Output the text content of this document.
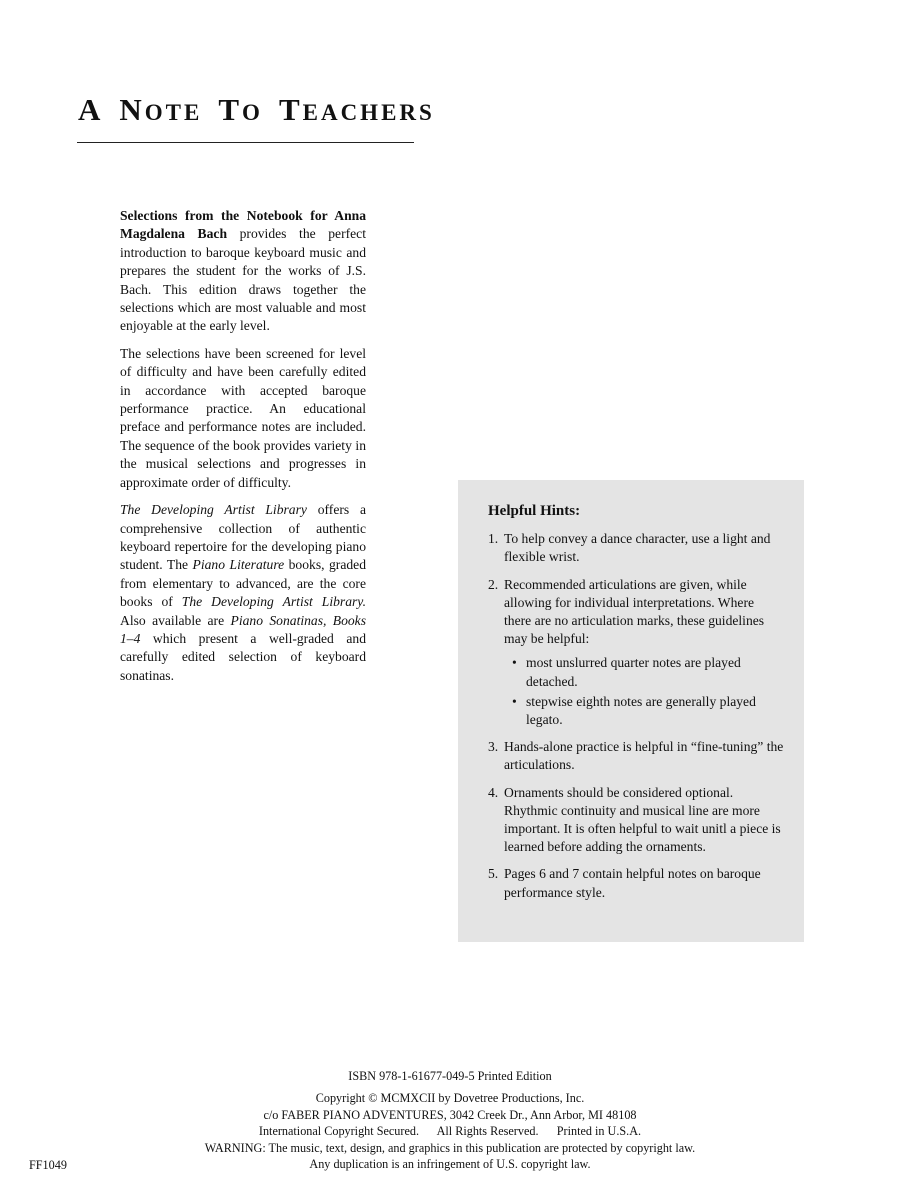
A NOTE TO TEACHERS

Selections from the Notebook for Anna Magdalena Bach provides the perfect introduction to baroque keyboard music and prepares the student for the works of J.S. Bach. This edition draws together the selections which are most valuable and most enjoyable at the early level.

The selections have been screened for level of difficulty and have been carefully edited in accordance with accepted baroque performance practice. An educational preface and performance notes are included. The sequence of the book provides variety in the musical selections and progresses in approximate order of difficulty.

The Developing Artist Library offers a comprehensive collection of authentic keyboard repertoire for the developing piano student. The Piano Literature books, graded from elementary to advanced, are the core books of The Developing Artist Library. Also available are Piano Sonatinas, Books 1–4 which present a well-graded and carefully edited selection of keyboard sonatinas.

Helpful Hints:
1. To help convey a dance character, use a light and flexible wrist.
2. Recommended articulations are given, while allowing for individual interpretations. Where there are no articulation marks, these guidelines may be helpful:
• most unslurred quarter notes are played detached.
• stepwise eighth notes are generally played legato.
3. Hands-alone practice is helpful in “fine-tuning” the articulations.
4. Ornaments should be considered optional. Rhythmic continuity and musical line are more important. It is often helpful to wait unitl a piece is learned before adding the ornaments.
5. Pages 6 and 7 contain helpful notes on baroque performance style.
ISBN 978-1-61677-049-5 Printed Edition
Copyright © MCMXCII by Dovetree Productions, Inc.
c/o FABER PIANO ADVENTURES, 3042 Creek Dr., Ann Arbor, MI 48108
International Copyright Secured.      All Rights Reserved.      Printed in U.S.A.
WARNING: The music, text, design, and graphics in this publication are protected by copyright law.
Any duplication is an infringement of U.S. copyright law.
FF1049
